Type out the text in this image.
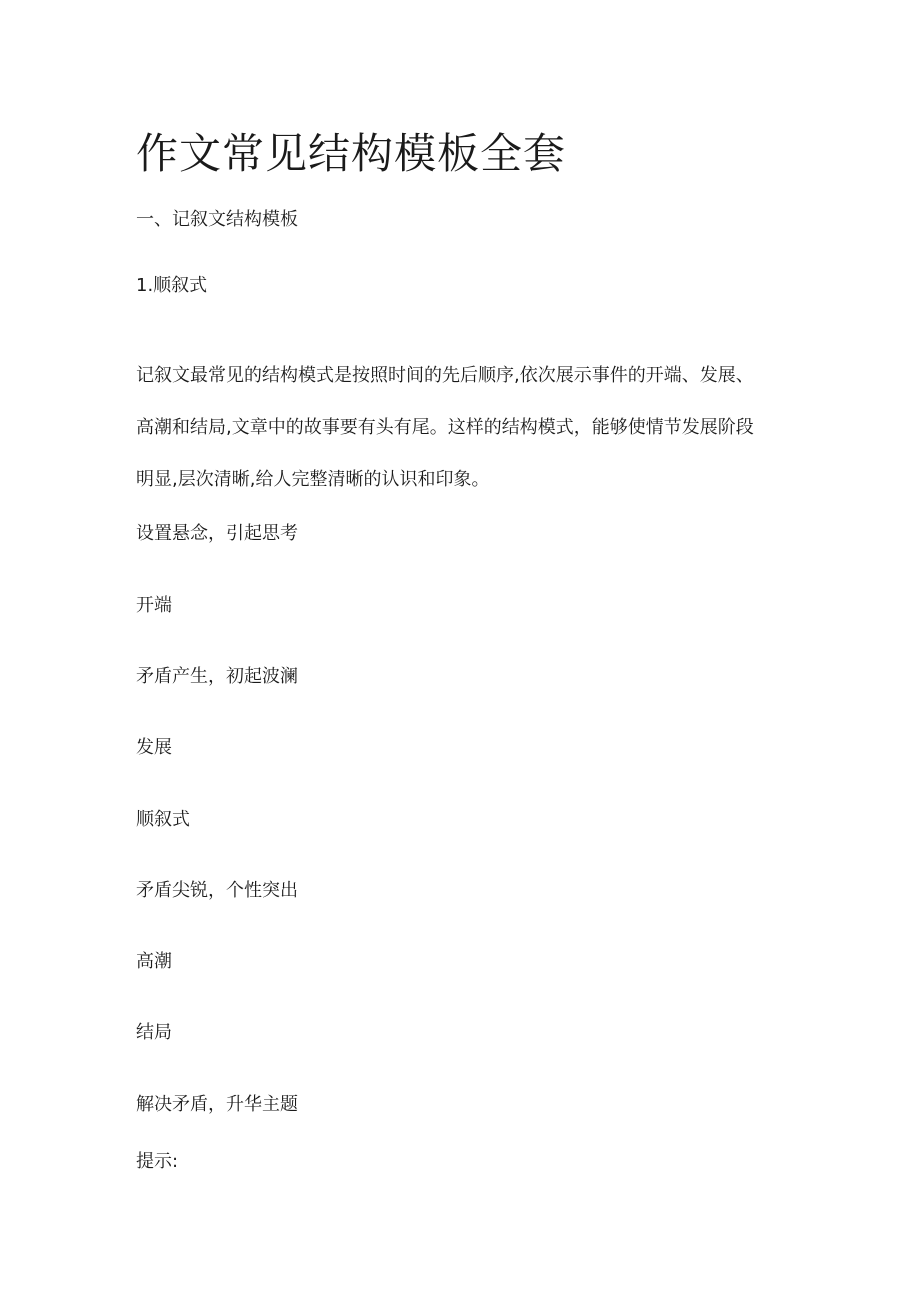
作文常见结构模板全套

一、记叙文结构模板

1.顺叙式

记叙文最常见的结构模式是按照时间的先后顺序,依次展示事件的开端、发展、
高潮和结局,文章中的故事要有头有尾。这样的结构模式，能够使情节发展阶段
明显,层次清晰,给人完整清晰的认识和印象。

设置悬念，引起思考

开端

矛盾产生，初起波澜

发展

顺叙式

矛盾尖锐，个性突出

高潮

结局

解决矛盾，升华主题

提示:
